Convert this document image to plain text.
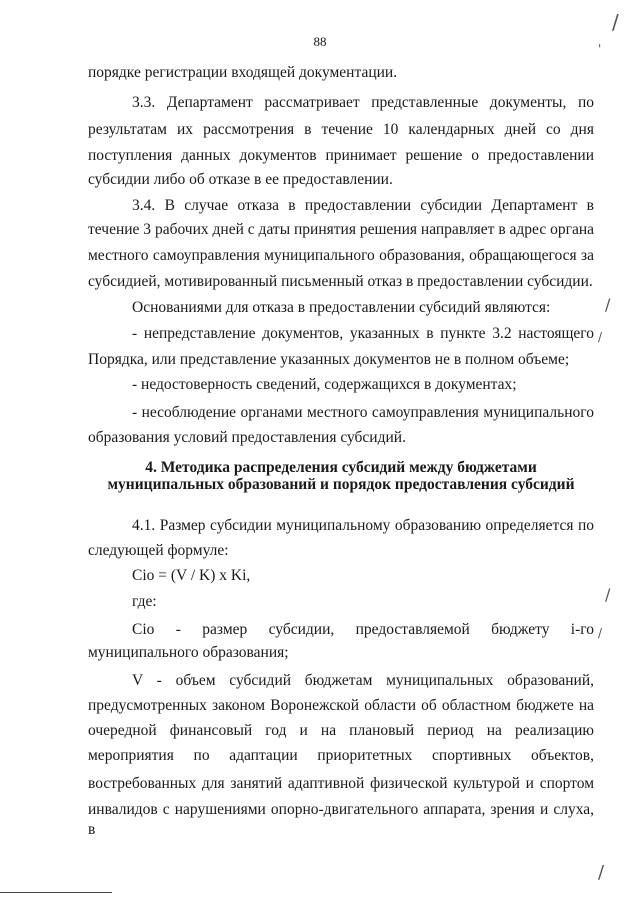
88
порядке регистрации входящей документации.
3.3. Департамент рассматривает представленные документы, по
результатам их рассмотрения в течение 10 календарных дней со дня
поступления данных документов принимает решение о предоставлении
субсидии либо об отказе в ее предоставлении.
3.4. В случае отказа в предоставлении субсидии Департамент в
течение 3 рабочих дней с даты принятия решения направляет в адрес органа
местного самоуправления муниципального образования, обращающегося за
субсидией, мотивированный письменный отказ в предоставлении субсидии.
Основаниями для отказа в предоставлении субсидий являются:
- непредставление документов, указанных в пункте 3.2 настоящего
Порядка, или представление указанных документов не в полном объеме;
- недостоверность сведений, содержащихся в документах;
- несоблюдение органами местного самоуправления муниципального
образования условий предоставления субсидий.
4. Методика распределения субсидий между бюджетами
муниципальных образований и порядок предоставления субсидий
4.1. Размер субсидии муниципальному образованию определяется по
следующей формуле:
Cio = (V / K) x Ki,
где:
Cio - размер субсидии, предоставляемой бюджету i-го
муниципального образования;
V - объем субсидий бюджетам муниципальных образований,
предусмотренных законом Воронежской области об областном бюджете на
очередной финансовый год и на плановый период на реализацию
мероприятия по адаптации приоритетных спортивных объектов,
востребованных для занятий адаптивной физической культурой и спортом
инвалидов с нарушениями опорно-двигательного аппарата, зрения и слуха, в
/
'
/
/
/
/
/
